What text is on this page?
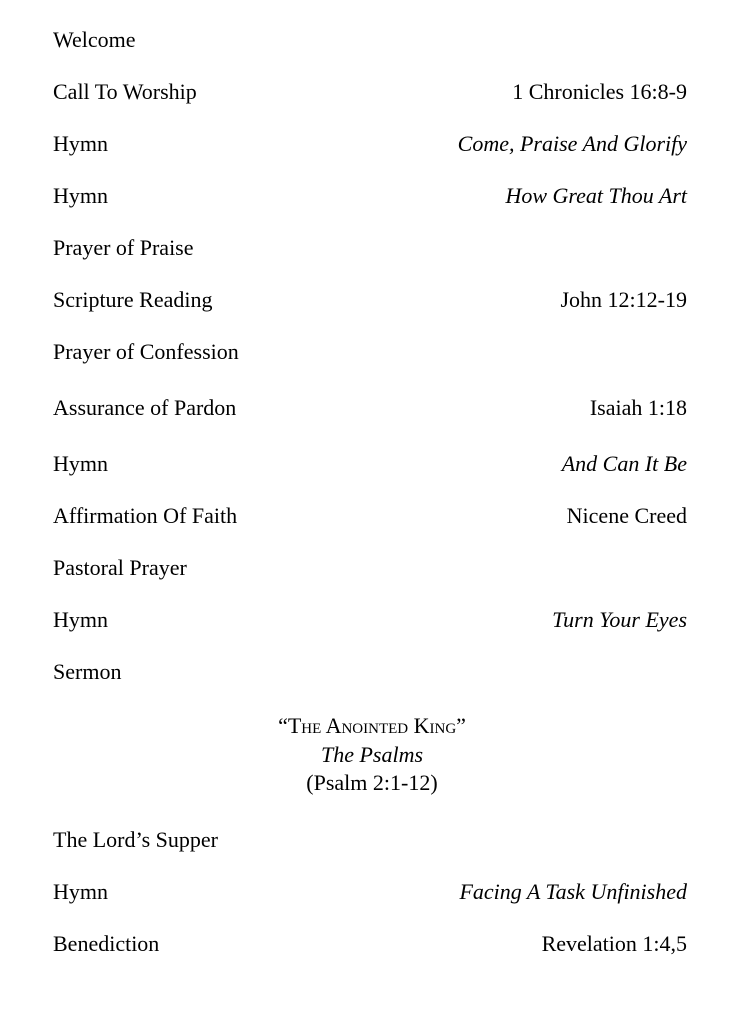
Welcome
Call To Worship	1 Chronicles 16:8-9
Hymn	Come, Praise And Glorify
Hymn	How Great Thou Art
Prayer of Praise
Scripture Reading	John 12:12-19
Prayer of Confession
Assurance of Pardon	Isaiah 1:18
Hymn	And Can It Be
Affirmation Of Faith	Nicene Creed
Pastoral Prayer
Hymn	Turn Your Eyes
Sermon
“The Anointed King”
The Psalms
(Psalm 2:1-12)
The Lord’s Supper
Hymn	Facing A Task Unfinished
Benediction	Revelation 1:4,5
